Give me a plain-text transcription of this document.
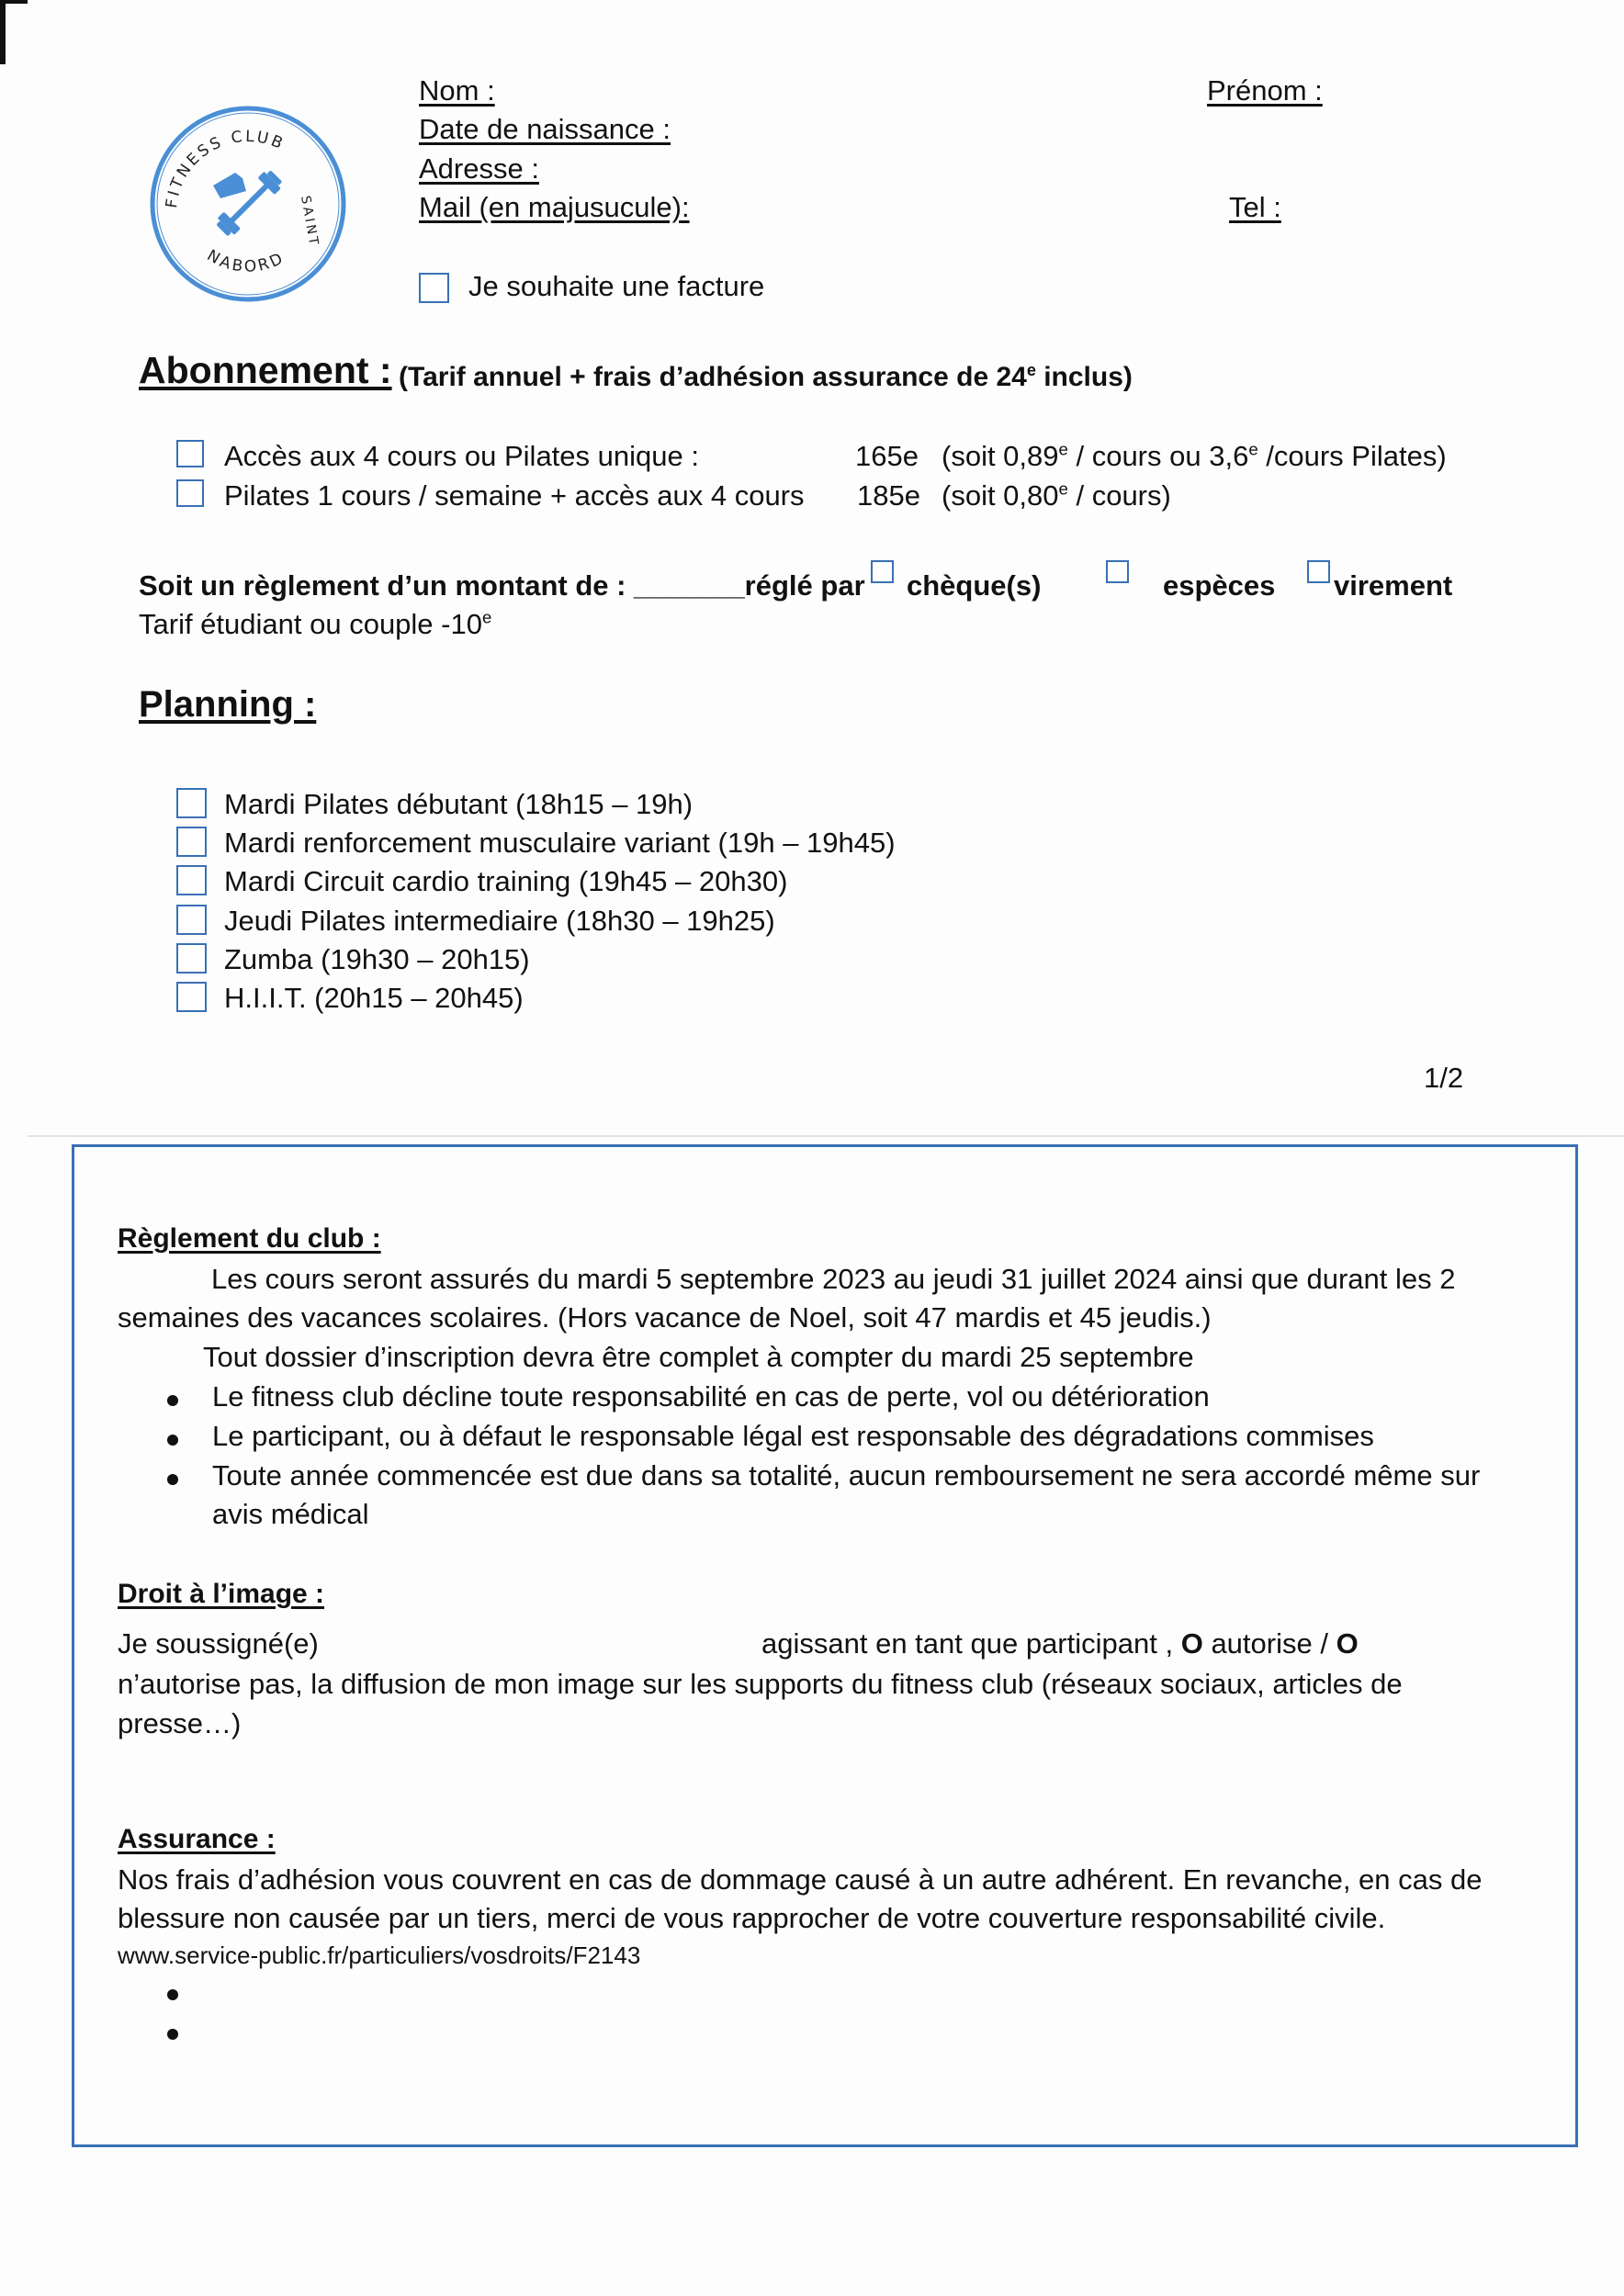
FITNESS CLUB
NABORD
SAINT
Nom :	Prénom :
Date de naissance :
Adresse :
Mail (en majusucule):	Tel :
Je souhaite une facture
Abonnement : (Tarif annuel + frais d’adhésion assurance de 24e inclus)
Accès aux 4 cours ou Pilates unique :	165e (soit 0,89e / cours ou 3,6e /cours Pilates)
Pilates 1 cours / semaine + accès aux 4 cours 185e (soit 0,80e / cours)
Soit un règlement d’un montant de : _______réglé par chèque(s)	espèces virement
Tarif étudiant ou couple -10e
Planning :
Mardi Pilates débutant (18h15 – 19h)
Mardi renforcement musculaire variant (19h – 19h45)
Mardi Circuit cardio training (19h45 – 20h30)
Jeudi Pilates intermediaire (18h30 – 19h25)
Zumba (19h30 – 20h15)
H.I.I.T. (20h15 – 20h45)
1/2
Règlement du club :
Les cours seront assurés du mardi 5 septembre 2023 au jeudi 31 juillet 2024 ainsi que durant les 2
semaines des vacances scolaires. (Hors vacance de Noel, soit 47 mardis et 45 jeudis.)
Tout dossier d’inscription devra être complet à compter du mardi 25 septembre
Le fitness club décline toute responsabilité en cas de perte, vol ou détérioration
Le participant, ou à défaut le responsable légal est responsable des dégradations commises
Toute année commencée est due dans sa totalité, aucun remboursement ne sera accordé même sur
avis médical
Droit à l’image :
Je soussigné(e)	agissant en tant que participant , O autorise / O
n’autorise pas, la diffusion de mon image sur les supports du fitness club (réseaux sociaux, articles de
presse…)
Assurance :
Nos frais d’adhésion vous couvrent en cas de dommage causé à un autre adhérent. En revanche, en cas de
blessure non causée par un tiers, merci de vous rapprocher de votre couverture responsabilité civile.
www.service-public.fr/particuliers/vosdroits/F2143
